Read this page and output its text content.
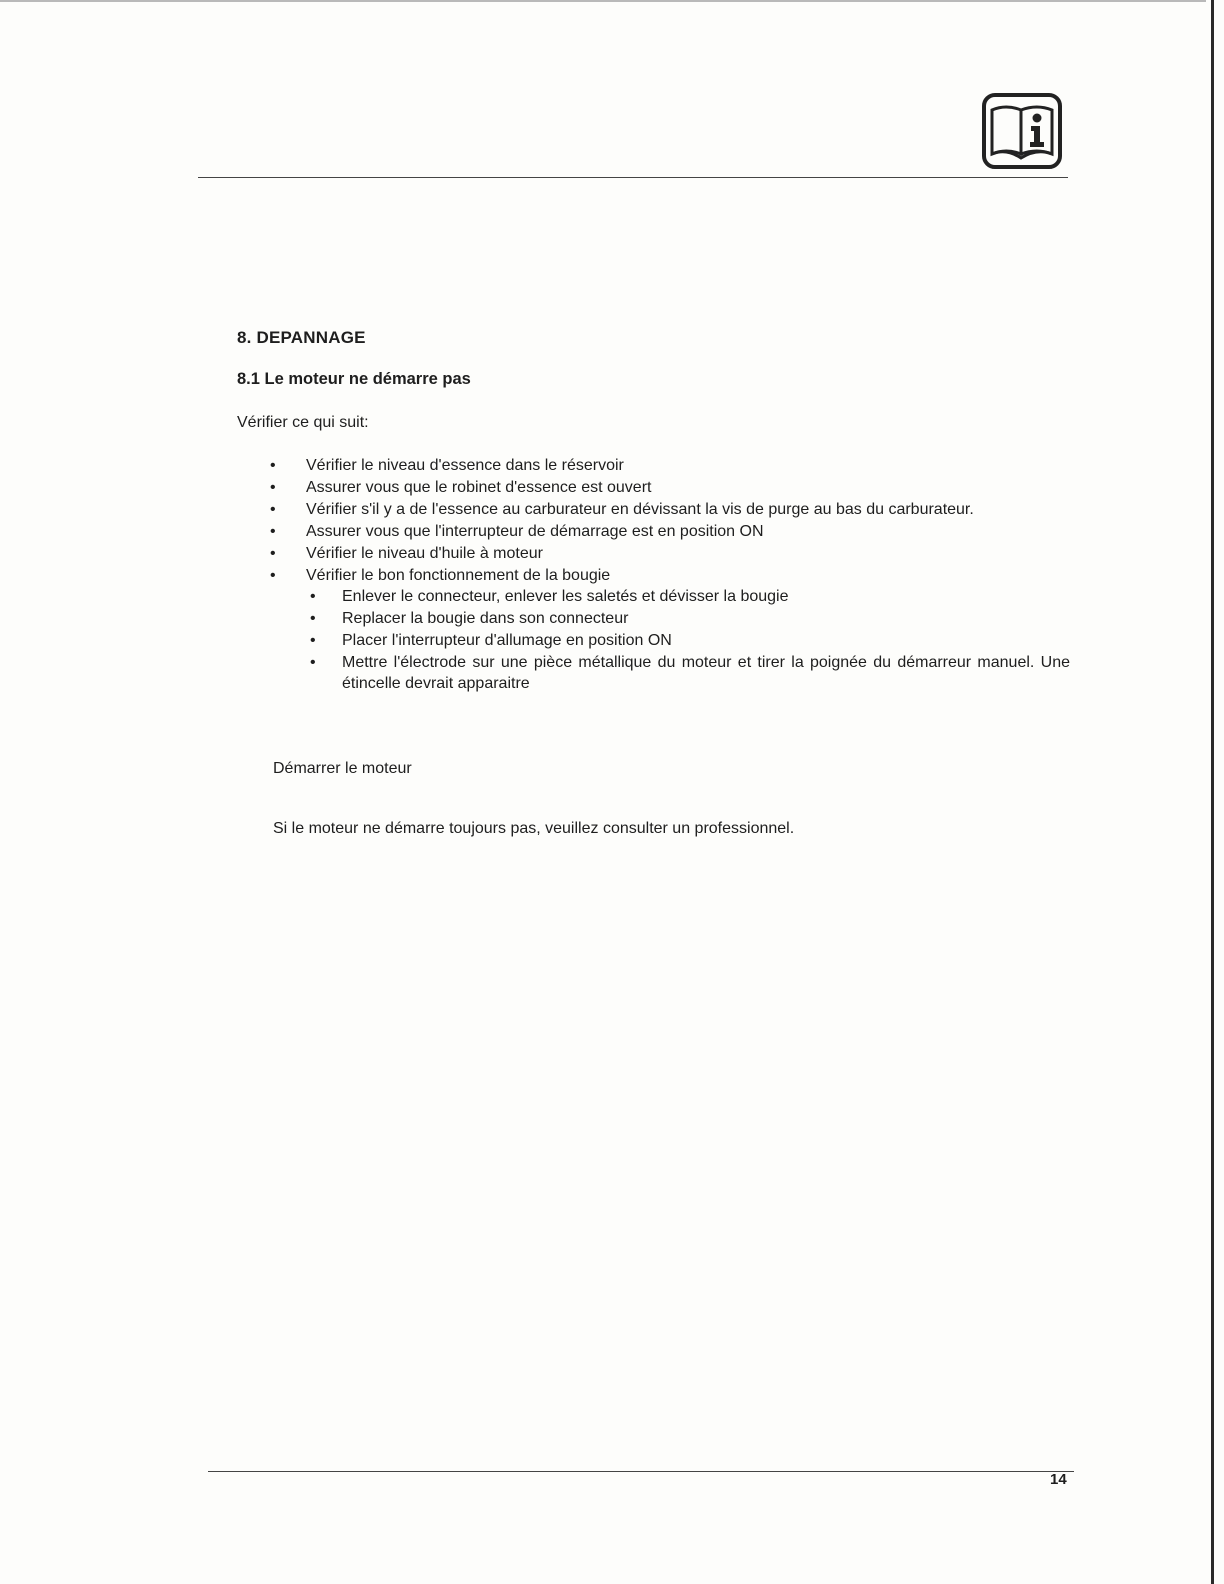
8. DEPANNAGE
8.1 Le moteur ne démarre pas
Vérifier ce qui suit:
•	Vérifier le niveau d'essence dans le réservoir
•	Assurer vous que le robinet d'essence est ouvert
•	Vérifier s'il y a de l'essence au carburateur en dévissant la vis de purge au bas du carburateur.
•	Assurer vous que l'interrupteur de démarrage est en position ON
•	Vérifier le niveau d'huile à moteur
•	Vérifier le bon fonctionnement de la bougie
•	Enlever le connecteur, enlever les saletés et dévisser la bougie
•	Replacer la bougie dans son connecteur
•	Placer l'interrupteur d'allumage en position ON
•	Mettre l'électrode sur une pièce métallique du moteur et tirer la poignée du démarreur manuel. Une étincelle devrait apparaitre
Démarrer le moteur
Si le moteur ne démarre toujours pas, veuillez consulter un professionnel.
14
